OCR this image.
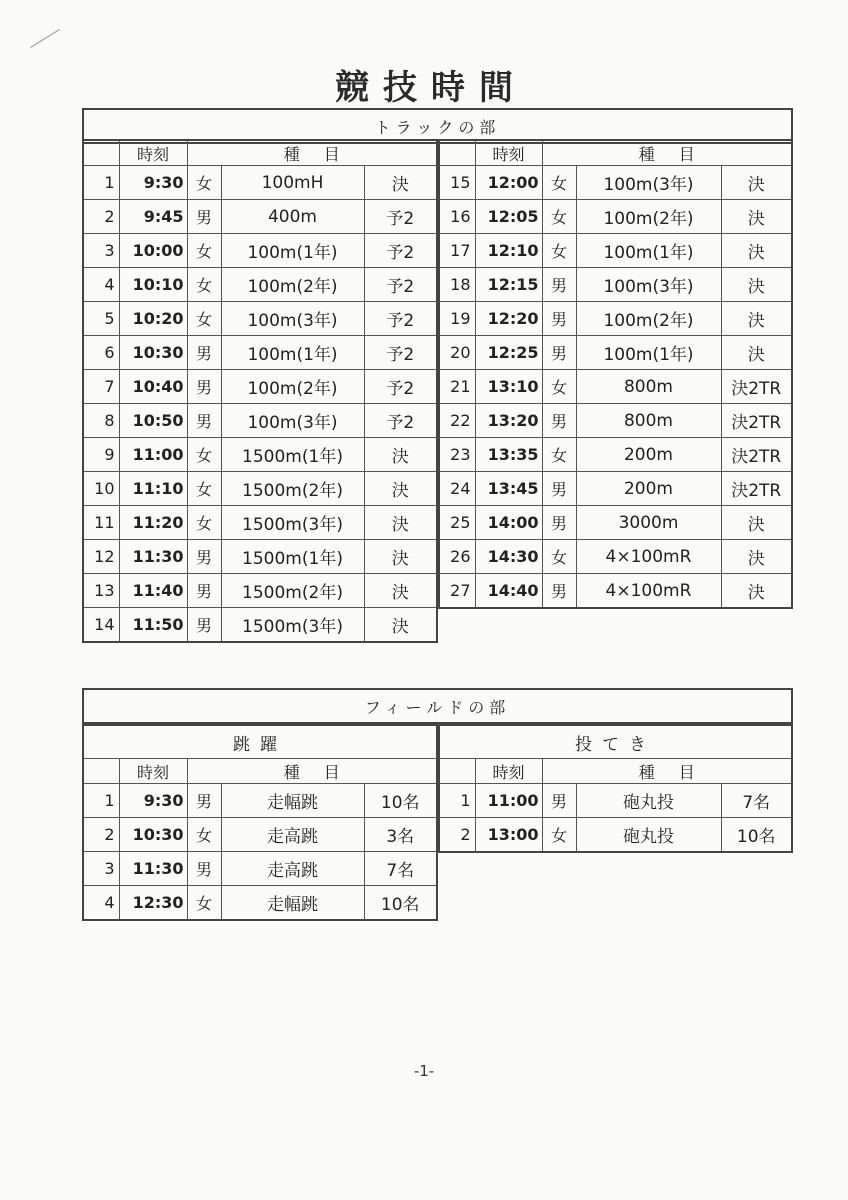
競技時間
トラックの部
	時刻	種目		
1	9:30	女	100mH	決
2	9:45	男	400m	予2
3	10:00	女	100m(1年)	予2
4	10:10	女	100m(2年)	予2
5	10:20	女	100m(3年)	予2
6	10:30	男	100m(1年)	予2
7	10:40	男	100m(2年)	予2
8	10:50	男	100m(3年)	予2
9	11:00	女	1500m(1年)	決
10	11:10	女	1500m(2年)	決
11	11:20	女	1500m(3年)	決
12	11:30	男	1500m(1年)	決
13	11:40	男	1500m(2年)	決
14	11:50	男	1500m(3年)	決
	時刻	種目		
15	12:00	女	100m(3年)	決
16	12:05	女	100m(2年)	決
17	12:10	女	100m(1年)	決
18	12:15	男	100m(3年)	決
19	12:20	男	100m(2年)	決
20	12:25	男	100m(1年)	決
21	13:10	女	800m	決2TR
22	13:20	男	800m	決2TR
23	13:35	女	200m	決2TR
24	13:45	男	200m	決2TR
25	14:00	男	3000m	決
26	14:30	女	4×100mR	決
27	14:40	男	4×100mR	決
フィールドの部
跳躍				
	時刻	種目		
1	9:30	男	走幅跳	10名
2	10:30	女	走高跳	3名
3	11:30	男	走高跳	7名
4	12:30	女	走幅跳	10名
投てき				
	時刻	種目		
1	11:00	男	砲丸投	7名
2	13:00	女	砲丸投	10名
-1-
